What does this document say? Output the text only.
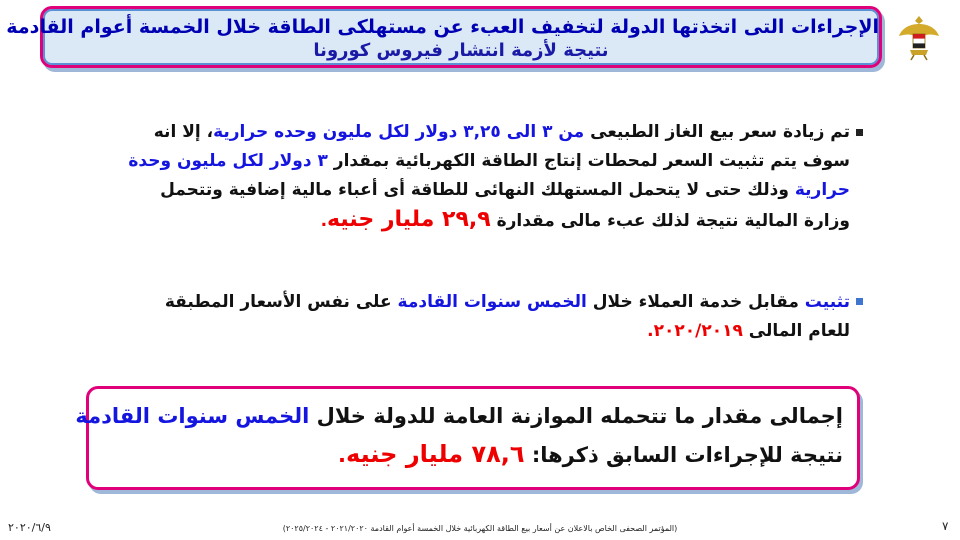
الإجراءات التى اتخذتها الدولة لتخفيف العبء عن مستهلكى الطاقة خلال الخمسة أعوام القادمة
نتيجة لأزمة انتشار فيروس كورونا
تم زيادة سعر بيع الغاز الطبيعى من ٣ الى ٣,٢٥ دولار لكل مليون وحده حرارية، إلا انه
سوف يتم تثبيت السعر لمحطات إنتاج الطاقة الكهربائية بمقدار ٣ دولار لكل مليون وحدة
حرارية وذلك حتى لا يتحمل المستهلك النهائى للطاقة أى أعباء مالية إضافية وتتحمل
وزارة المالية نتيجة لذلك عبء مالى مقدارة ٢٩,٩ مليار جنيه.
تثبيت مقابل خدمة العملاء خلال الخمس سنوات القادمة على نفس الأسعار المطبقة
للعام المالى ٢٠٢٠/٢٠١٩.
إجمالى مقدار ما تتحمله الموازنة العامة للدولة خلال الخمس سنوات القادمة
نتيجة للإجراءات السابق ذكرها: ٧٨,٦ مليار جنيه.
٢٠٢٠/٦/٩	(المؤتمر الصحفى الخاص بالاعلان عن أسعار بيع الطاقة الكهربائية خلال الخمسة أعوام القادمة ٢٠٢١/٢٠٢٠ - ٢٠٢٥/٢٠٢٤)	٧
